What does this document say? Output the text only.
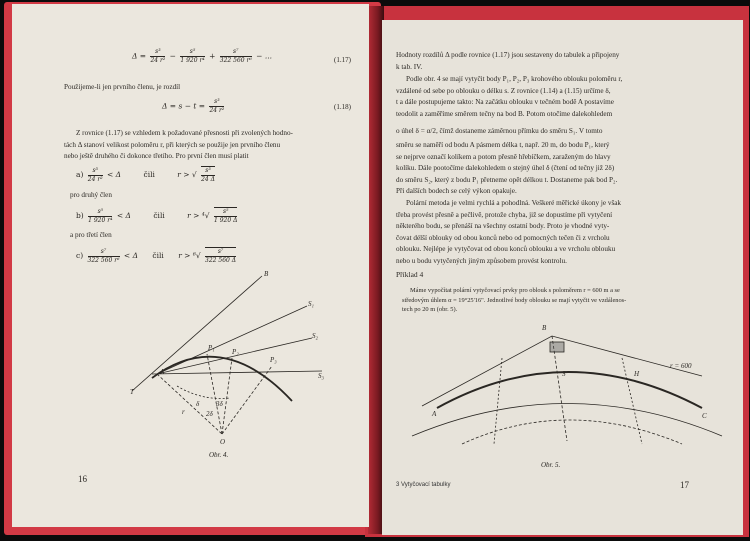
$\Delta = \frac{\text{s³}}{\text{24 r²}} - \frac{\text{s⁵}}{\text{1 920 r⁴}} + \frac{\text{s⁷}}{\text{322 560 r⁶}}$ − ...	(1.17)
Použijeme-li jen prvního členu, je rozdíl
$\Delta = s - t = \frac{\text{s³}}{\text{24 r²}}$	(1.18)
Z rovnice (1.17) se vzhledem k požadované přesnosti při zvolených hodno-
tách Δ stanoví velikost poloměru r, při kterých se použije jen prvního členu
nebo ještě druhého či dokonce třetího. Pro první člen musí platit
$a) \frac{\text{s³}}{\text{24 r²}} < \Delta$	čili	r > √ $\frac{\text{s³}}{24 \Delta}$
pro druhý člen
$b) \frac{\text{s⁵}}{\text{1 920 r⁴}} < \Delta$	čili	$r > ^4√ \frac{\text{s⁵}}{1 920 \Delta}$
a pro třetí člen
$c) \frac{\text{s⁷}}{\text{322 560 r⁶}} < \Delta$ čili $r > ^6√ \frac{\text{s⁷}}{322 560 \Delta}$
B
S₁
S₂
S₃
A
T
O
P₁ P₂
P₃
δ
2δ
3δ
r
Obr. 4.
16
Hodnoty rozdílů Δ podle rovnice (1.17) jsou sestaveny do tabulek a připojeny
k tab. IV.
Podle obr. 4 se mají vytyčit body P₁, P₂, P₃ krohového oblouku poloměru r,
vzdálené od sebe po oblouku o délku s. Z rovnice (1.14) a (1.15) určíme δ,
t a dále postupujeme takto: Na začátku oblouku v tečném bodě A postavíme
teodolit a zaměříme směrem tečny na bod B. Potom otočíme dalekohledem
o úhel δ = α/2, čímž dostaneme záměrnou přímku do směru S₁. V tomto
směru se naměří od bodu A pásmem délka t, např. 20 m, do bodu P₁, který
se nejprve označí kolíkem a potom přesně hřebíčkem, zaraženým do hlavy
kolíku. Dále pootočíme dalekohledem o stejný úhel δ (čtení od tečny již 2δ)
do směru S₂, který z bodu P₁ přetneme opět délkou t. Dostaneme pak bod P₂.
Při dalších bodech se celý výkon opakuje.
Polární metoda je velmi rychlá a pohodlná. Veškeré měřické úkony je však
třeba provést přesně a pečlivě, protože chyba, již se dopustíme při vytyčení
některého bodu, se přenáší na všechny ostatní body. Proto je vhodné vyty-
čovat délší oblouky od obou konců nebo od pomocných tečen či z vrcholu
oblouku. Nejlépe je vytyčovat od obou konců oblouku a ve vrcholu oblouku
nebo u bodu vytyčených jiným způsobem provést kontrolu.
Příklad 4
Máme vypočítat polární vytyčovací prvky pro oblouk s poloměrem r = 600 m a se
středovým úhlem α = 19°25'16". Jednotlivé body oblouku se mají vytyčit ve vzdálenos-
tech po 20 m (obr. 5).
B
A	C
S	H
r = 600
Obr. 5.
3 Vytyčovací tabulky	17
